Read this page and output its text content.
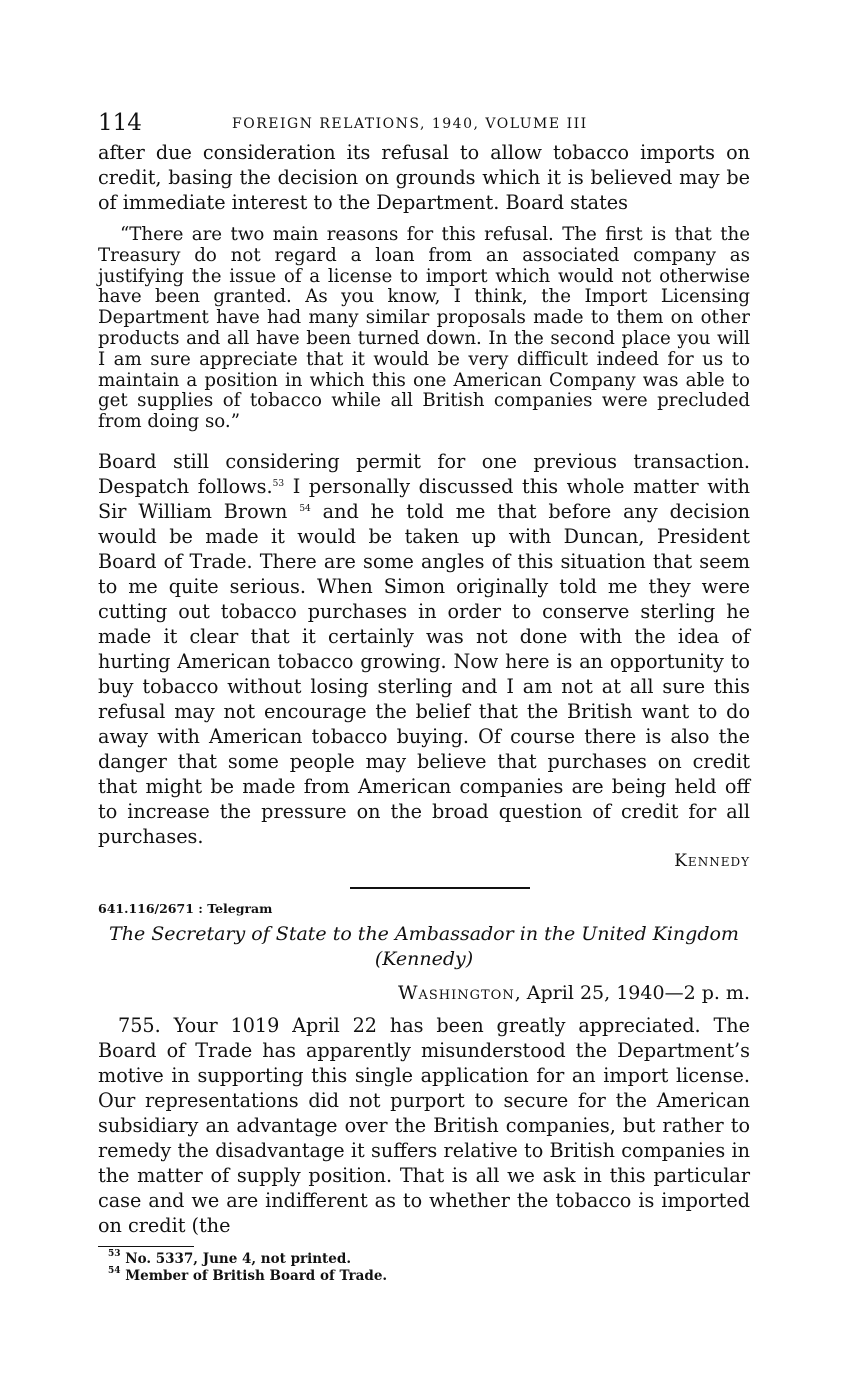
114	FOREIGN RELATIONS, 1940, VOLUME III

after due consideration its refusal to allow tobacco imports on credit, basing the decision on grounds which it is believed may be of immediate interest to the Department. Board states

“There are two main reasons for this refusal. The first is that the Treasury do not regard a loan from an associated company as justifying the issue of a license to import which would not otherwise have been granted. As you know, I think, the Import Licensing Department have had many similar proposals made to them on other products and all have been turned down. In the second place you will I am sure appreciate that it would be very difficult indeed for us to maintain a position in which this one American Company was able to get supplies of tobacco while all British companies were precluded from doing so.”

Board still considering permit for one previous transaction. Despatch follows.$^{53}$ I personally discussed this whole matter with Sir William Brown $^{54}$ and he told me that before any decision would be made it would be taken up with Duncan, President Board of Trade. There are some angles of this situation that seem to me quite serious. When Simon originally told me they were cutting out tobacco purchases in order to conserve sterling he made it clear that it certainly was not done with the idea of hurting American tobacco growing. Now here is an opportunity to buy tobacco without losing sterling and I am not at all sure this refusal may not encourage the belief that the British want to do away with American tobacco buying. Of course there is also the danger that some people may believe that purchases on credit that might be made from American companies are being held off to increase the pressure on the broad question of credit for all purchases.

Kennedy
641.116/2671 : Telegram
The Secretary of State to the Ambassador in the United Kingdom
(Kennedy)
Washington, April 25, 1940—2 p. m.

755. Your 1019 April 22 has been greatly appreciated. The Board of Trade has apparently misunderstood the Department’s motive in supporting this single application for an import license. Our representations did not purport to secure for the American subsidiary an advantage over the British companies, but rather to remedy the disadvantage it suffers relative to British companies in the matter of supply position. That is all we ask in this particular case and we are indifferent as to whether the tobacco is imported on credit (the

$^{53}$ No. 5337, June 4, not printed.
$^{54}$ Member of British Board of Trade.
